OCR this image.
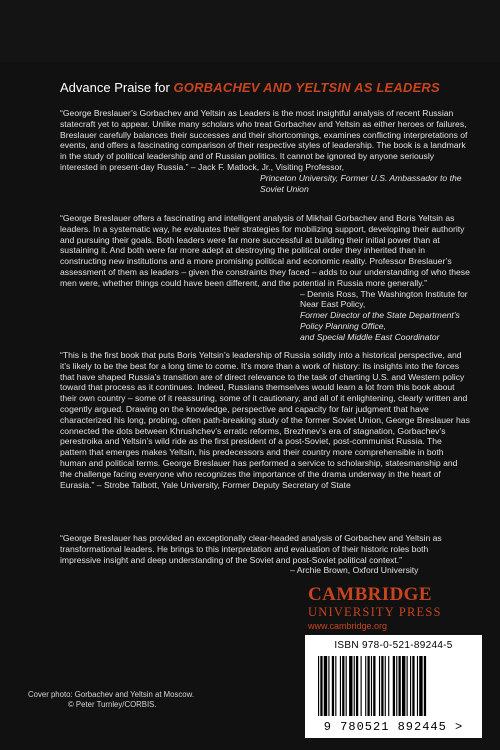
Advance Praise for GORBACHEV AND YELTSIN AS LEADERS
“George Breslauer’s Gorbachev and Yeltsin as Leaders is the most insightful analysis of recent Russian statecraft yet to appear. Unlike many scholars who treat Gorbachev and Yeltsin as either heroes or failures, Breslauer carefully balances their successes and their shortcomings, examines conflicting interpretations of events, and offers a fascinating comparison of their respective styles of leadership. The book is a landmark in the study of political leadership and of Russian politics. It cannot be ignored by anyone seriously interested in present-day Russia.” – Jack F. Matlock, Jr., Visiting Professor,
Princeton University, Former U.S. Ambassador to the Soviet Union
“George Breslauer offers a fascinating and intelligent analysis of Mikhail Gorbachev and Boris Yeltsin as leaders. In a systematic way, he evaluates their strategies for mobilizing support, developing their authority and pursuing their goals. Both leaders were far more successful at building their initial power than at sustaining it. And both were far more adept at destroying the political order they inherited than in constructing new institutions and a more promising political and economic reality. Professor Breslauer’s assessment of them as leaders – given the constraints they faced – adds to our understanding of who these men were, whether things could have been different, and the potential in Russia more generally.”
– Dennis Ross, The Washington Institute for Near East Policy,
Former Director of the State Department’s Policy Planning Office,
and Special Middle East Coordinator
“This is the first book that puts Boris Yeltsin’s leadership of Russia solidly into a historical perspective, and it’s likely to be the best for a long time to come. It’s more than a work of history: its insights into the forces that have shaped Russia’s transition are of direct relevance to the task of charting U.S. and Western policy toward that process as it continues. Indeed, Russians themselves would learn a lot from this book about their own country – some of it reassuring, some of it cautionary, and all of it enlightening, clearly written and cogently argued. Drawing on the knowledge, perspective and capacity for fair judgment that have characterized his long, probing, often path-breaking study of the former Soviet Union, George Breslauer has connected the dots between Khrushchev’s erratic reforms, Brezhnev’s era of stagnation, Gorbachev’s perestroika and Yeltsin’s wild ride as the first president of a post-Soviet, post-communist Russia. The pattern that emerges makes Yeltsin, his predecessors and their country more comprehensible in both human and political terms. George Breslauer has performed a service to scholarship, statesmanship and the challenge facing everyone who recognizes the importance of the drama underway in the heart of Eurasia.” – Strobe Talbott, Yale University, Former Deputy Secretary of State
“George Breslauer has provided an exceptionally clear-headed analysis of Gorbachev and Yeltsin as transformational leaders. He brings to this interpretation and evaluation of their historic roles both impressive insight and deep understanding of the Soviet and post-Soviet political context.”
– Archie Brown, Oxford University
CAMBRIDGE
UNIVERSITY PRESS
www.cambridge.org
ISBN 978-0-521-89244-5
9 780521 892445 >
Cover photo: Gorbachev and Yeltsin at Moscow.
© Peter Turnley/CORBIS.
